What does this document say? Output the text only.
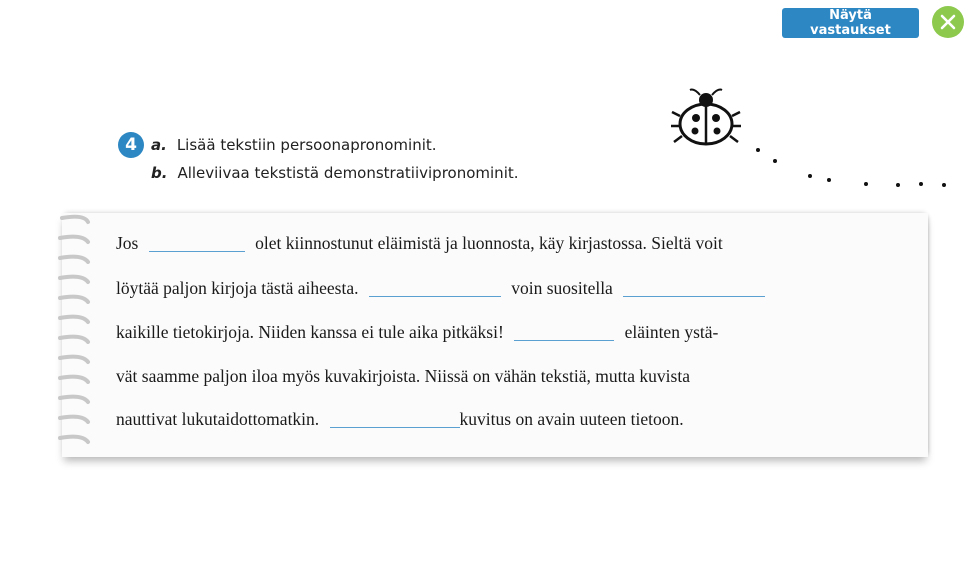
Näytä vastaukset
4 a. Lisää tekstiin persoonapronominit.
b. Alleviivaa tekstistä demonstratiivipronominit.
Jos	olet kiinnostunut eläimistä ja luonnosta, käy kirjastossa. Sieltä voit
löytää paljon kirjoja tästä aiheesta.	voin suositella
kaikille tietokirjoja. Niiden kanssa ei tule aika pitkäksi!	eläinten ystä-
vät saamme paljon iloa myös kuvakirjoista. Niissä on vähän tekstiä, mutta kuvista
nauttivat lukutaidottomatkin.	kuvitus on avain uuteen tietoon.
